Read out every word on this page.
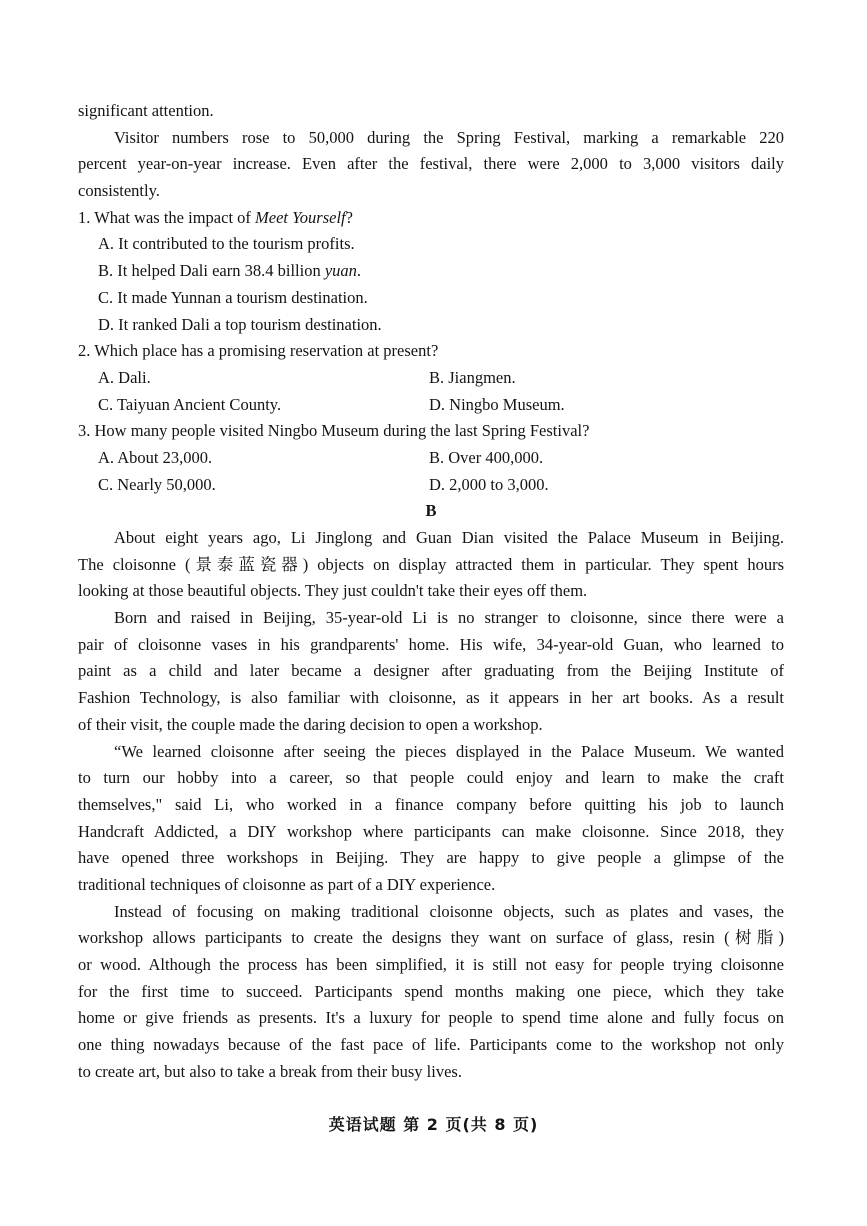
significant attention.
Visitor numbers rose to 50,000 during the Spring Festival, marking a remarkable 220
percent year-on-year increase. Even after the festival, there were 2,000 to 3,000 visitors daily
consistently.
1. What was the impact of Meet Yourself?
A. It contributed to the tourism profits.
B. It helped Dali earn 38.4 billion yuan.
C. It made Yunnan a tourism destination.
D. It ranked Dali a top tourism destination.
2. Which place has a promising reservation at present?
A. Dali.	B. Jiangmen.
C. Taiyuan Ancient County.	D. Ningbo Museum.
3. How many people visited Ningbo Museum during the last Spring Festival?
A. About 23,000.	B. Over 400,000.
C. Nearly 50,000.	D. 2,000 to 3,000.
B
About eight years ago, Li Jinglong and Guan Dian visited the Palace Museum in Beijing.
The cloisonne (景泰蓝瓷器) objects on display attracted them in particular. They spent hours
looking at those beautiful objects. They just couldn't take their eyes off them.
Born and raised in Beijing, 35-year-old Li is no stranger to cloisonne, since there were a
pair of cloisonne vases in his grandparents' home. His wife, 34-year-old Guan, who learned to
paint as a child and later became a designer after graduating from the Beijing Institute of
Fashion Technology, is also familiar with cloisonne, as it appears in her art books. As a result
of their visit, the couple made the daring decision to open a workshop.
“We learned cloisonne after seeing the pieces displayed in the Palace Museum. We wanted
to turn our hobby into a career, so that people could enjoy and learn to make the craft
themselves," said Li, who worked in a finance company before quitting his job to launch
Handcraft Addicted, a DIY workshop where participants can make cloisonne. Since 2018, they
have opened three workshops in Beijing. They are happy to give people a glimpse of the
traditional techniques of cloisonne as part of a DIY experience.
Instead of focusing on making traditional cloisonne objects, such as plates and vases, the
workshop allows participants to create the designs they want on surface of glass, resin (树脂)
or wood. Although the process has been simplified, it is still not easy for people trying cloisonne
for the first time to succeed. Participants spend months making one piece, which they take
home or give friends as presents. It's a luxury for people to spend time alone and fully focus on
one thing nowadays because of the fast pace of life. Participants come to the workshop not only
to create art, but also to take a break from their busy lives.
英语试题 第 2 页(共 8 页)
